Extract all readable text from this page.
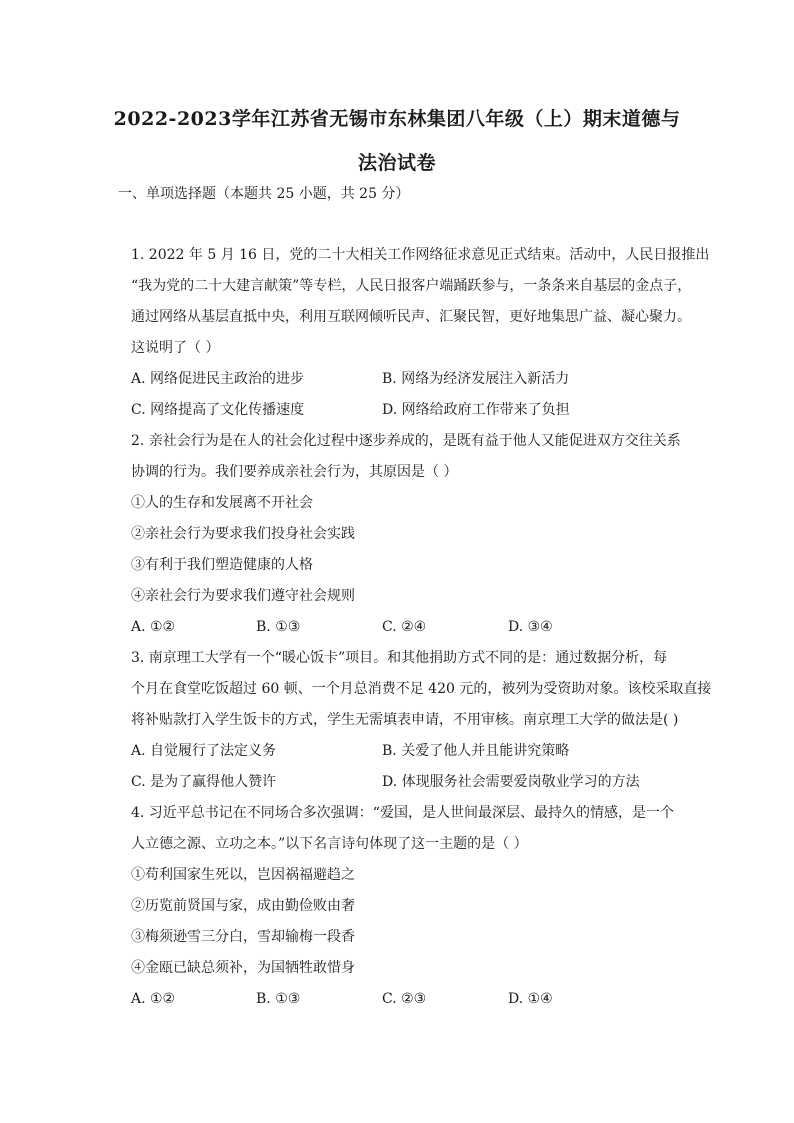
2022-2023学年江苏省无锡市东林集团八年级（上）期末道德与
法治试卷
一、单项选择题（本题共 25 小题，共 25 分）
1. 2022 年 5 月 16 日，党的二十大相关工作网络征求意见正式结束。活动中，人民日报推出
“我为党的二十大建言献策”等专栏，人民日报客户端踊跃参与，一条条来自基层的金点子，
通过网络从基层直抵中央，利用互联网倾听民声、汇聚民智，更好地集思广益、凝心聚力。
这说明了（ ）
A. 网络促进民主政治的进步	B. 网络为经济发展注入新活力
C. 网络提高了文化传播速度	D. 网络给政府工作带来了负担
2. 亲社会行为是在人的社会化过程中逐步养成的，是既有益于他人又能促进双方交往关系
协调的行为。我们要养成亲社会行为，其原因是（ ）
①人的生存和发展离不开社会
②亲社会行为要求我们投身社会实践
③有利于我们塑造健康的人格
④亲社会行为要求我们遵守社会规则
A. ①②	B. ①③	C. ②④	D. ③④
3. 南京理工大学有一个“暖心饭卡”项目。和其他捐助方式不同的是：通过数据分析，每
个月在食堂吃饭超过 60 顿、一个月总消费不足 420 元的，被列为受资助对象。该校采取直接
将补贴款打入学生饭卡的方式，学生无需填表申请，不用审核。南京理工大学的做法是( )
A. 自觉履行了法定义务	B. 关爱了他人并且能讲究策略
C. 是为了赢得他人赞许	D. 体现服务社会需要爱岗敬业学习的方法
4. 习近平总书记在不同场合多次强调：“爱国，是人世间最深层、最持久的情感，是一个
人立德之源、立功之本。”以下名言诗句体现了这一主题的是（ ）
①苟利国家生死以，岂因祸福避趋之
②历览前贤国与家，成由勤俭败由奢
③梅须逊雪三分白，雪却输梅一段香
④金瓯已缺总须补，为国牺牲敢惜身
A. ①②	B. ①③	C. ②③	D. ①④
